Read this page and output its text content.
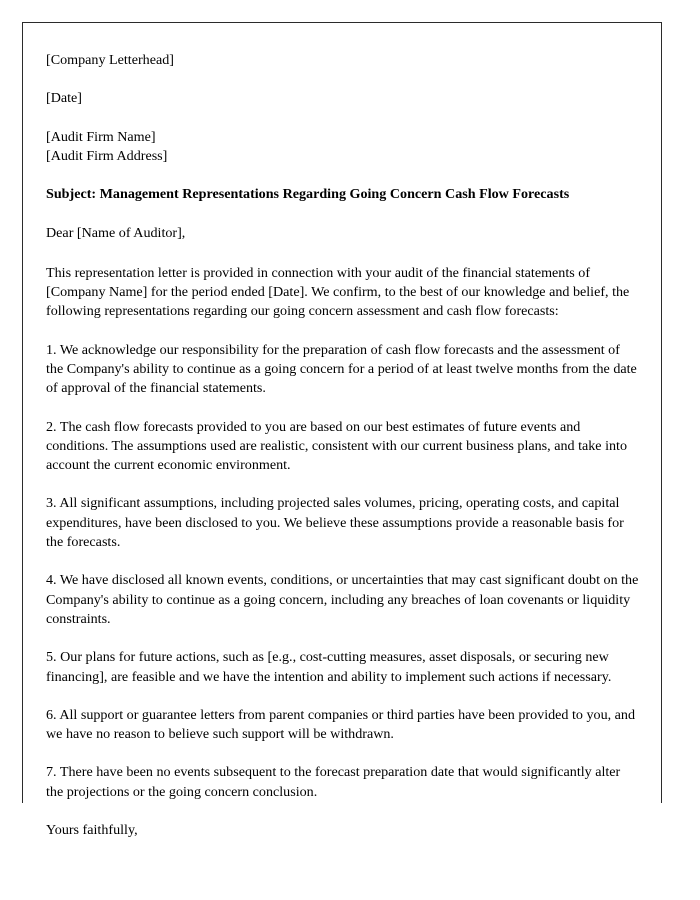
[Company Letterhead]

[Date]

[Audit Firm Name]

[Audit Firm Address]

Subject: Management Representations Regarding Going Concern Cash Flow Forecasts

Dear [Name of Auditor],

This representation letter is provided in connection with your audit of the financial statements of [Company Name] for the period ended [Date]. We confirm, to the best of our knowledge and belief, the following representations regarding our going concern assessment and cash flow forecasts:

1. We acknowledge our responsibility for the preparation of cash flow forecasts and the assessment of the Company's ability to continue as a going concern for a period of at least twelve months from the date of approval of the financial statements.

2. The cash flow forecasts provided to you are based on our best estimates of future events and conditions. The assumptions used are realistic, consistent with our current business plans, and take into account the current economic environment.

3. All significant assumptions, including projected sales volumes, pricing, operating costs, and capital expenditures, have been disclosed to you. We believe these assumptions provide a reasonable basis for the forecasts.

4. We have disclosed all known events, conditions, or uncertainties that may cast significant doubt on the Company's ability to continue as a going concern, including any breaches of loan covenants or liquidity constraints.

5. Our plans for future actions, such as [e.g., cost-cutting measures, asset disposals, or securing new financing], are feasible and we have the intention and ability to implement such actions if necessary.

6. All support or guarantee letters from parent companies or third parties have been provided to you, and we have no reason to believe such support will be withdrawn.

7. There have been no events subsequent to the forecast preparation date that would significantly alter the projections or the going concern conclusion.

Yours faithfully,
